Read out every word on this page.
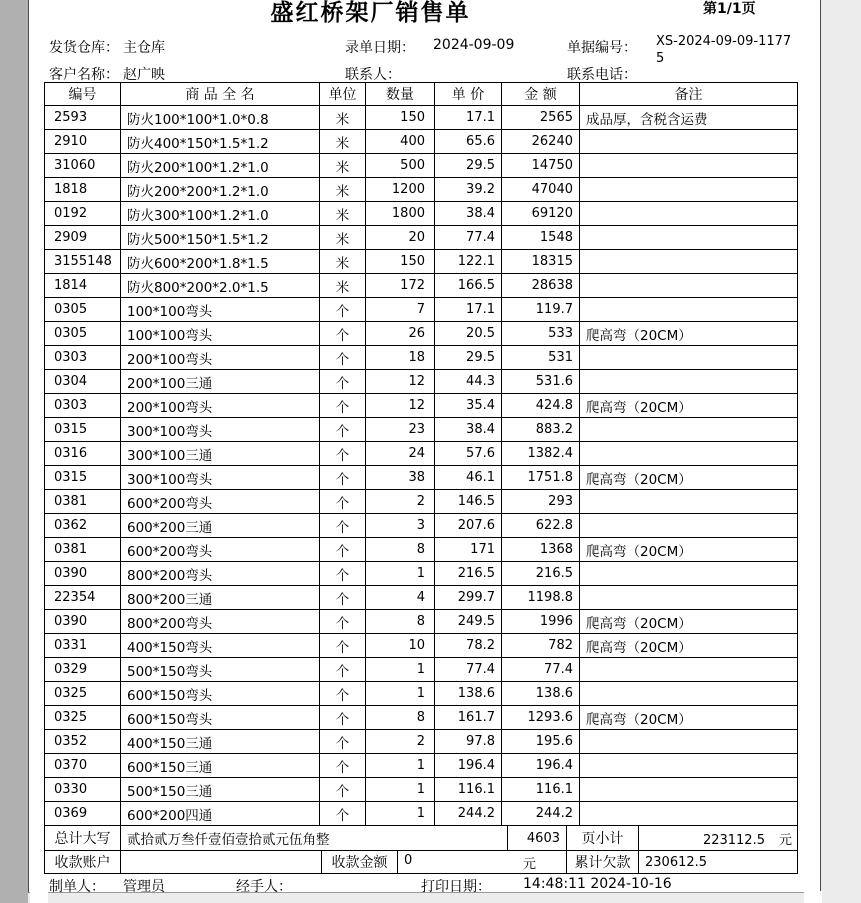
盛红桥架厂销售单	第1/1页
发货仓库： 主仓库	录单日期： 2024-09-09	单据编号： XS-2024-09-09-11775
客户名称： 赵广映	联系人：	联系电话：
编号	商 品 全 名	单位	数量	单 价	金 额	备注
2593	防火100*100*1.0*0.8	米	150	17.1	2565	成品厚，含税含运费
2910	防火400*150*1.5*1.2	米	400	65.6	26240	
31060	防火200*100*1.2*1.0	米	500	29.5	14750	
1818	防火200*200*1.2*1.0	米	1200	39.2	47040	
0192	防火300*100*1.2*1.0	米	1800	38.4	69120	
2909	防火500*150*1.5*1.2	米	20	77.4	1548	
3155148	防火600*200*1.8*1.5	米	150	122.1	18315	
1814	防火800*200*2.0*1.5	米	172	166.5	28638	
0305	100*100弯头	个	7	17.1	119.7	
0305	100*100弯头	个	26	20.5	533	爬高弯（20CM）
0303	200*100弯头	个	18	29.5	531	
0304	200*100三通	个	12	44.3	531.6	
0303	200*100弯头	个	12	35.4	424.8	爬高弯（20CM）
0315	300*100弯头	个	23	38.4	883.2	
0316	300*100三通	个	24	57.6	1382.4	
0315	300*100弯头	个	38	46.1	1751.8	爬高弯（20CM）
0381	600*200弯头	个	2	146.5	293	
0362	600*200三通	个	3	207.6	622.8	
0381	600*200弯头	个	8	171	1368	爬高弯（20CM）
0390	800*200弯头	个	1	216.5	216.5	
22354	800*200三通	个	4	299.7	1198.8	
0390	800*200弯头	个	8	249.5	1996	爬高弯（20CM）
0331	400*150弯头	个	10	78.2	782	爬高弯（20CM）
0329	500*150弯头	个	1	77.4	77.4	
0325	600*150弯头	个	1	138.6	138.6	
0325	600*150弯头	个	8	161.7	1293.6	爬高弯（20CM）
0352	400*150三通	个	2	97.8	195.6	
0370	600*150三通	个	1	196.4	196.4	
0330	500*150三通	个	1	116.1	116.1	
0369	600*200四通	个	1	244.2	244.2	
总计大写	贰拾贰万叁仟壹佰壹拾贰元伍角整	4603	页小计	223112.5 元
收款账户		收款金额	0	元	累计欠款	230612.5
制单人： 管理员	经手人：	打印日期： 14:48:11 2024-10-16
